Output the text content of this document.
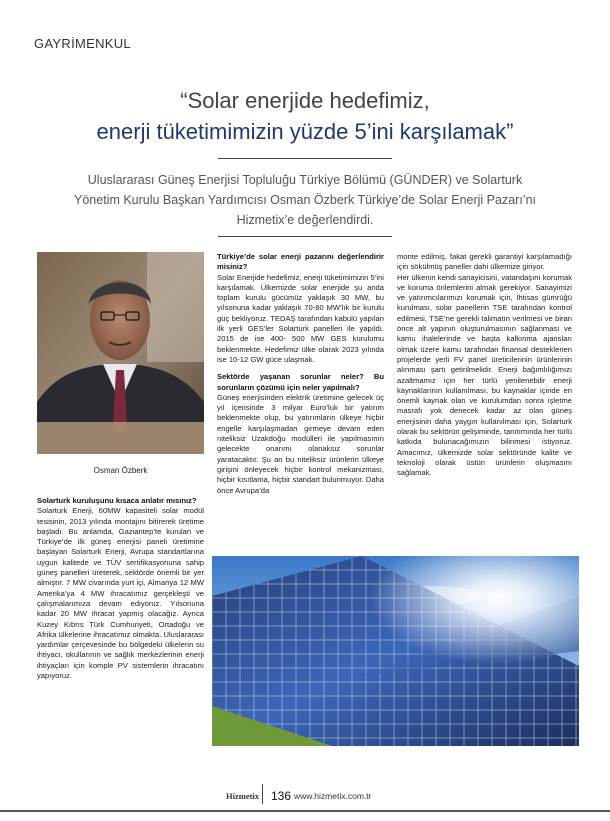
GAYRİMENKUL
“Solar enerjide hedefimiz,
enerji tüketimimizin yüzde 5’ini karşılamak”
Uluslararası Güneş Enerjisi Topluluğu Türkiye Bölümü (GÜNDER) ve Solarturk
Yönetim Kurulu Başkan Yardımcısı Osman Özberk Türkiye’de Solar Enerji Pazarı’nı
Hizmetix’e değerlendirdi.
Osman Özberk

Solarturk kuruluşunu kısaca anlatır mısınız?

Solarturk Enerji, 60MW kapasiteli solar modül tesisinin, 2013 yılında montajını bitirerek üretime başladı. Bu anlamda, Gaziantep’te kurulan ve Türkiye’de ilk güneş enerjisi paneli üretimine başlayan Solarturk Enerji, Avrupa standartlarına uygun kalitede ve TÜV sertifikasyonuna sahip güneş panelleri üreterek, sektörde önemli bir yer almıştır. 7 MW civarında yurt içi, Almanya 12 MW Amerika’ya 4 MW ihracatımız gerçekleşti ve çalışmalarımıza devam ediyoruz. Yılsonuna kadar 20 MW ihracat yapmış olacağız. Ayrıca Kuzey Kıbrıs Türk Cumhuriyeti, Ortadoğu ve Afrika ülkelerine ihracatımız olmakta. Uluslararası yardımlar çerçevesinde bu bölgedeki ülkelerin su ihtiyacı, okullarının ve sağlık merkezlerinin enerji ihtiyaçları için komple PV sistemlerin ihracatını yapıyoruz.

Türkiye’de solar enerji pazarını değerlendirir misiniz?

Solar Enerjide hedefimiz, enerji tüketimimizin 5’ini karşılamak. Ülkemizde solar enerjide şu anda toplam kurulu gücümüz yaklaşık 30 MW, bu yılsonuna kadar yaklaşık 70-80 MW’lık bir kurulu güç bekliyoruz. TEDAŞ tarafından kabulü yapılan ilk yerli GES’ler Solarturk panelleri ile yapıldı. 2015 de ise 400- 500 MW GES kurulumu beklenmekte. Hedefimiz ülke olarak 2023 yılında ise 10-12 GW güce ulaşmak.

Sektörde yaşanan sorunlar neler? Bu sorunların çözümü için neler yapılmalı?

Güneş enerjisinden elektrik üretimine gelecek üç yıl içerisinde 3 milyar Euro’luk bir yatırım beklenmekte olup, bu yatırımların ülkeye hiçbir engelle karşılaşmadan girmeye devam eden niteliksiz Uzakdoğu modülleri ile yapılmasının gelecekte onarımı olanaksız sorunlar yaratacaktır. Şu an bu niteliksiz ürünlerin ülkeye girişini önleyecek hiçbir kontrol mekanizması, hiçbir kısıtlama, hiçbir standart bulunmuyor. Daha önce Avrupa’da

monte edilmiş, fakat gerekli garantiyi karşılamadığı için sökülmüş paneller dahi ülkemize giriyor.

Her ülkenin kendi sanayicisini, vatandaşını korumak ve koruma önlemlerini almak gerekiyor. Sanayimizi ve yatırımcılarımızı korumak için, İhtisas gümrüğü kurulması, solar panellerin TSE tarafından kontrol edilmesi, TSE’ne gerekli talimatın verilmesi ve biran önce alt yapının oluşturulmasının sağlanması ve kamu ihalelerinde ve başta kalkınma ajansları olmak üzere kamu tarafından finansal desteklenen projelerde yerli FV panel üreticilerinin ürünlerinin alınması şartı getirilmelidir. Enerji bağımlılığımızı azaltmamız için her türlü yenilenebilir enerji kaynaklarının kullanılması, bu kaynaklar içinde en önemli kaynak olan ve kurulumdan sonra işletme masrafı yok denecek kadar az olan güneş enerjisinin daha yaygın kullanılması için, Solarturk olarak bu sektörün gelişiminde, tanıtımında her türlü katkıda bulunacağımızın bilinmesi istiyoruz. Amacımız, ülkemizde solar sektöründe kalite ve teknoloji olarak üstün ürünlerin oluşmasını sağlamak.

Hizmetix 136 www.hizmetix.com.tr
